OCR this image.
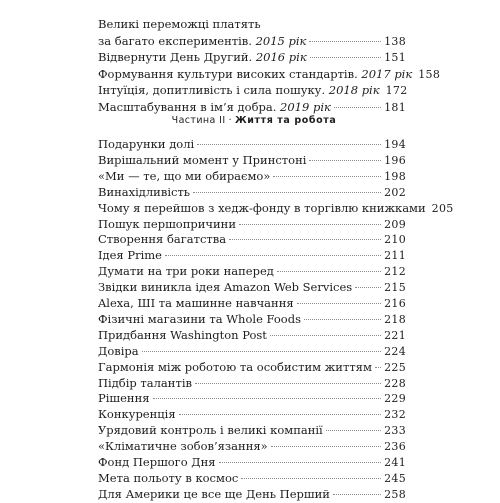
Великі переможці платять
за багато експериментів. 2015 рік	138
Відвернути День Другий. 2016 рік	151
Формування культури високих стандартів. 2017 рік 158
Інтуїція, допитливість і сила пошуку. 2018 рік 172
Масштабування в ім’я добра. 2019 рік	181
Подарунки долі	194
Вирішальний момент у Принстоні	196
«Ми — те, що ми обираємо»	198
Винахідливість	202
Чому я перейшов з хедж-фонду в торгівлю книжками 205
Пошук першопричини	209
Створення багатства	210
Ідея Prime	211
Думати на три роки наперед	212
Звідки виникла ідея Amazon Web Services	215
Alexa, ШІ та машинне навчання	216
Фізичні магазини та Whole Foods	218
Придбання Washington Post	221
Довіра	224
Гармонія між роботою та особистим життям 225
Підбір талантів	228
Рішення	229
Конкуренція	232
Урядовий контроль і великі компанії	233
«Кліматичне зобов’язання»	236
Фонд Першого Дня	241
Мета польоту в космос	245
Для Америки це все ще День Перший	258
Частина II · Життя та робота
